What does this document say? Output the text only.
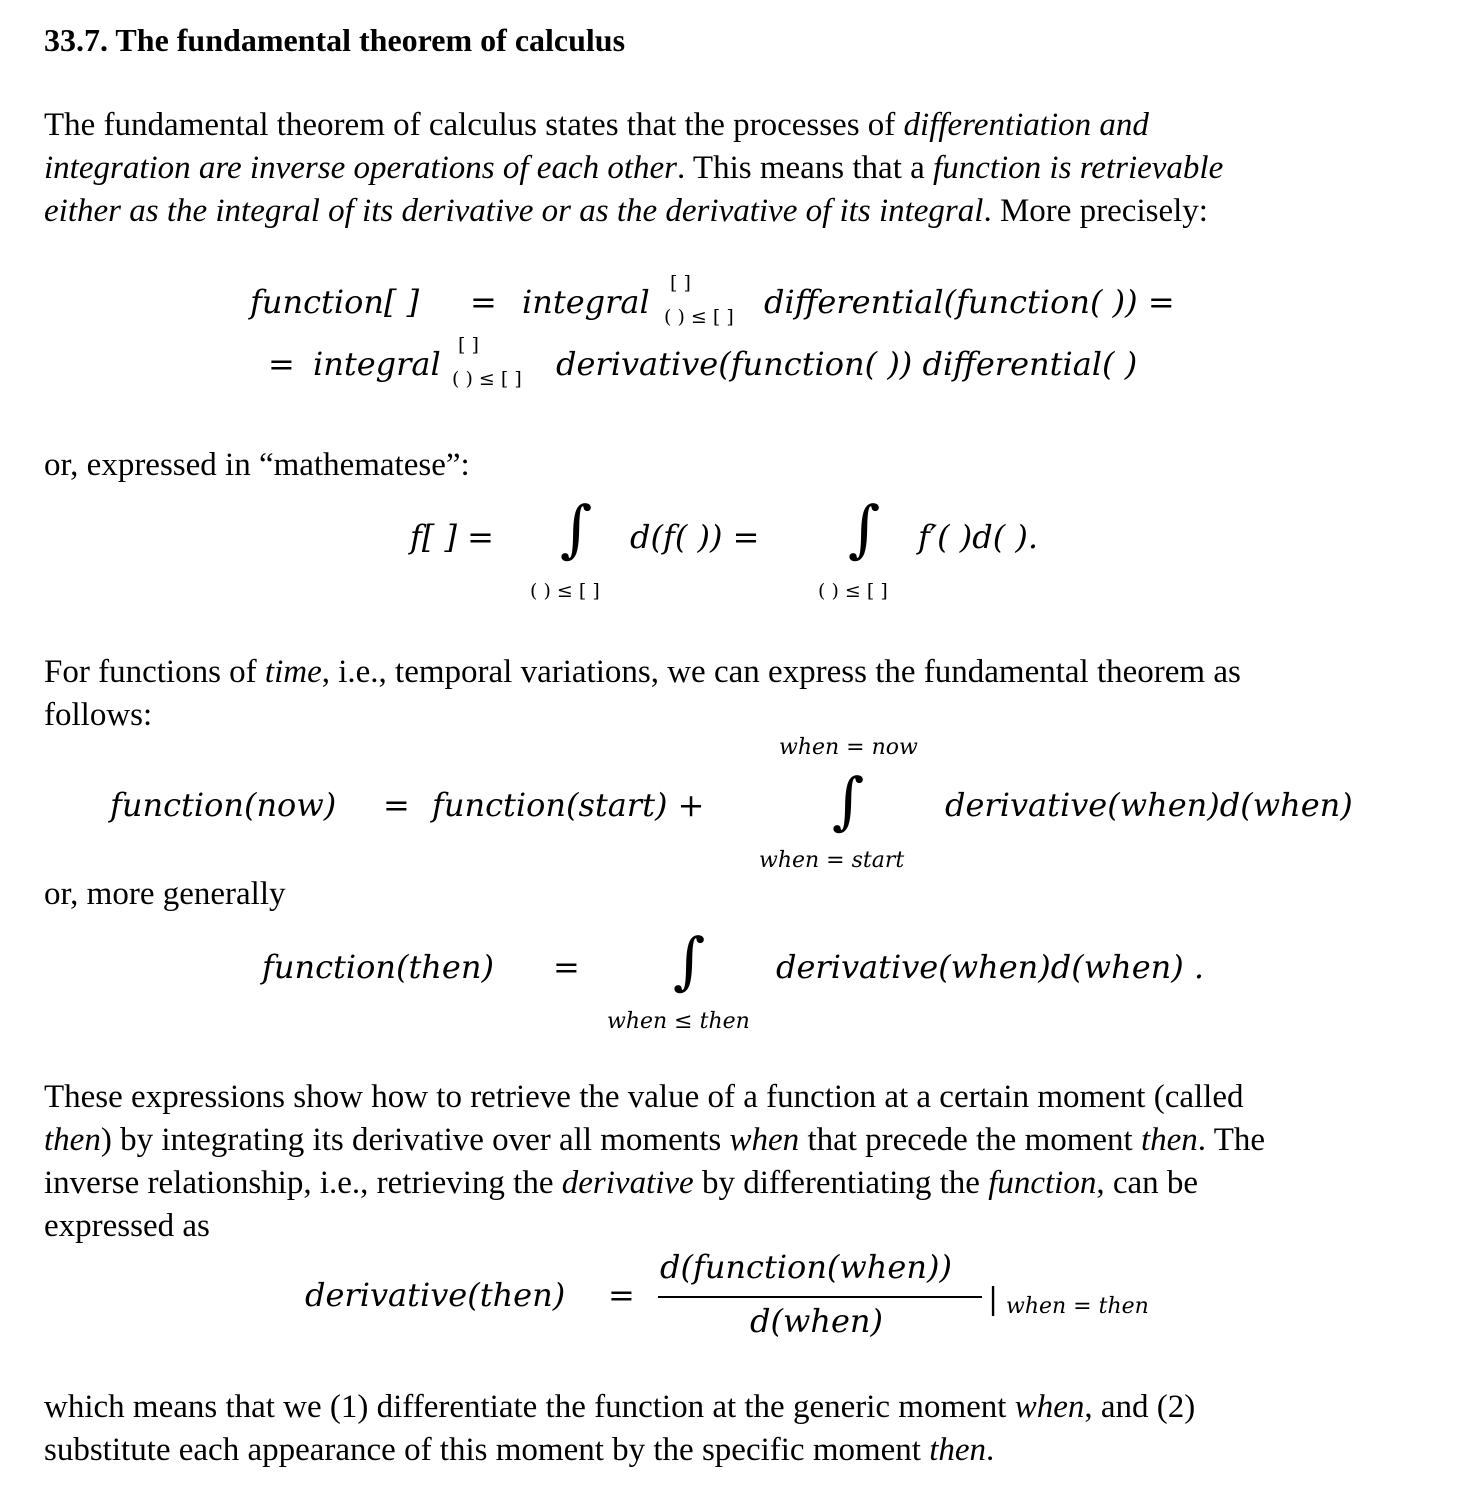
33.7. The fundamental theorem of calculus
The fundamental theorem of calculus states that the processes of differentiation and
integration are inverse operations of each other. This means that a function is retrievable
either as the integral of its derivative or as the derivative of its integral. More precisely:
function[ ] = integral [ ]
( ) ≤ [ ] differential(function( )) =
= integral [ ]
( ) ≤ [ ] derivative(function( )) differential( )
or, expressed in “mathematese”:
f[ ] = ∫ d(f( )) =
( ) ≤ [ ]
∫ f′( )d( ).
( ) ≤ [ ]
For functions of time, i.e., temporal variations, we can express the fundamental theorem as
follows:
when = now
function(now) = function(start) + ∫	derivative(when)d(when)
when = start
or, more generally
function(then) = ∫ derivative(when)d(when) .
when ≤ then
These expressions show how to retrieve the value of a function at a certain moment (called
then) by integrating its derivative over all moments when that precede the moment then. The
inverse relationship, i.e., retrieving the derivative by differentiating the function, can be
expressed as
derivative(then) =
d(function(when))
d(when)
| when = then
which means that we (1) differentiate the function at the generic moment when, and (2)
substitute each appearance of this moment by the specific moment then.
